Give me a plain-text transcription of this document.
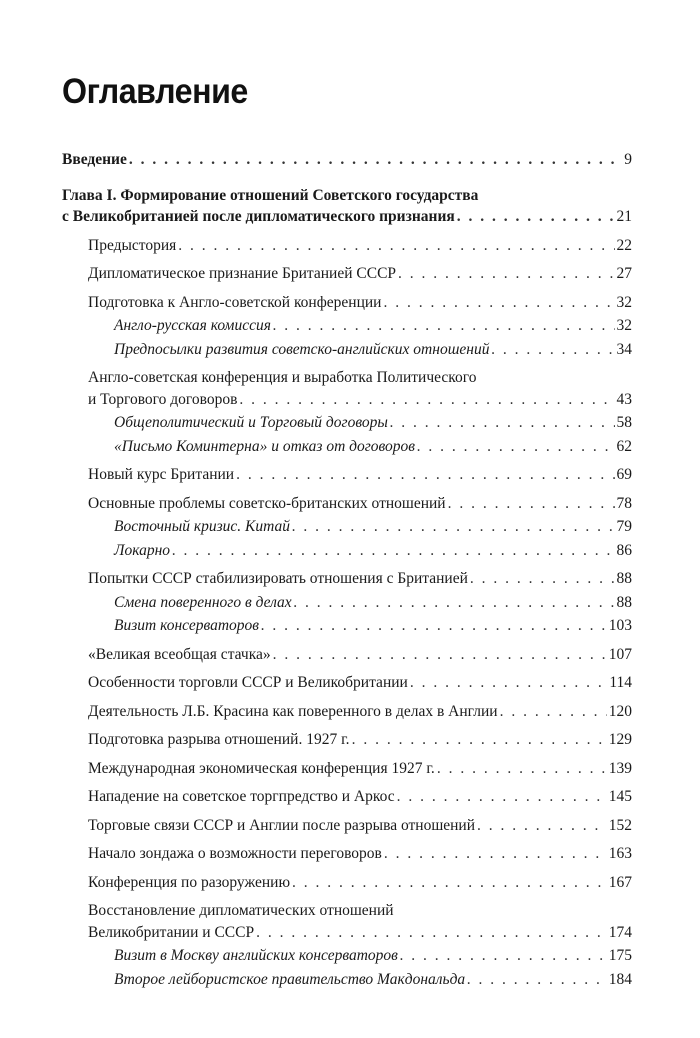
Оглавление
Введение . . .	9
Глава I. Формирование отношений Советского государства
с Великобританией после дипломатического признания . . .	21
Предыстория . . .	22
Дипломатическое признание Британией СССР . . .	27
Подготовка к Англо-советской конференции . . .	32
Англо-русская комиссия . . .	32
Предпосылки развития советско-английских отношений . . .	34
Англо-советская конференция и выработка Политического
и Торгового договоров . . .	43
Общеполитический и Торговый договоры . . .	58
«Письмо Коминтерна» и отказ от договоров . . .	62
Новый курс Британии . . .	69
Основные проблемы советско-британских отношений . . .	78
Восточный кризис. Китай . . .	79
Локарно . . .	86
Попытки СССР стабилизировать отношения с Британией . . .	88
Смена поверенного в делах . . .	88
Визит консерваторов . . .	103
«Великая всеобщая стачка» . . .	107
Особенности торговли СССР и Великобритании . . .	114
Деятельность Л.Б. Красина как поверенного в делах в Англии . . .	120
Подготовка разрыва отношений. 1927 г. . . .	129
Международная экономическая конференция 1927 г. . . .	139
Нападение на советское торгпредство и Аркос . . .	145
Торговые связи СССР и Англии после разрыва отношений . . .	152
Начало зондажа о возможности переговоров . . .	163
Конференция по разоружению . . .	167
Восстановление дипломатических отношений
Великобритании и СССР . . .	174
Визит в Москву английских консерваторов . . .	175
Второе лейбористское правительство Макдональда . . .	184
